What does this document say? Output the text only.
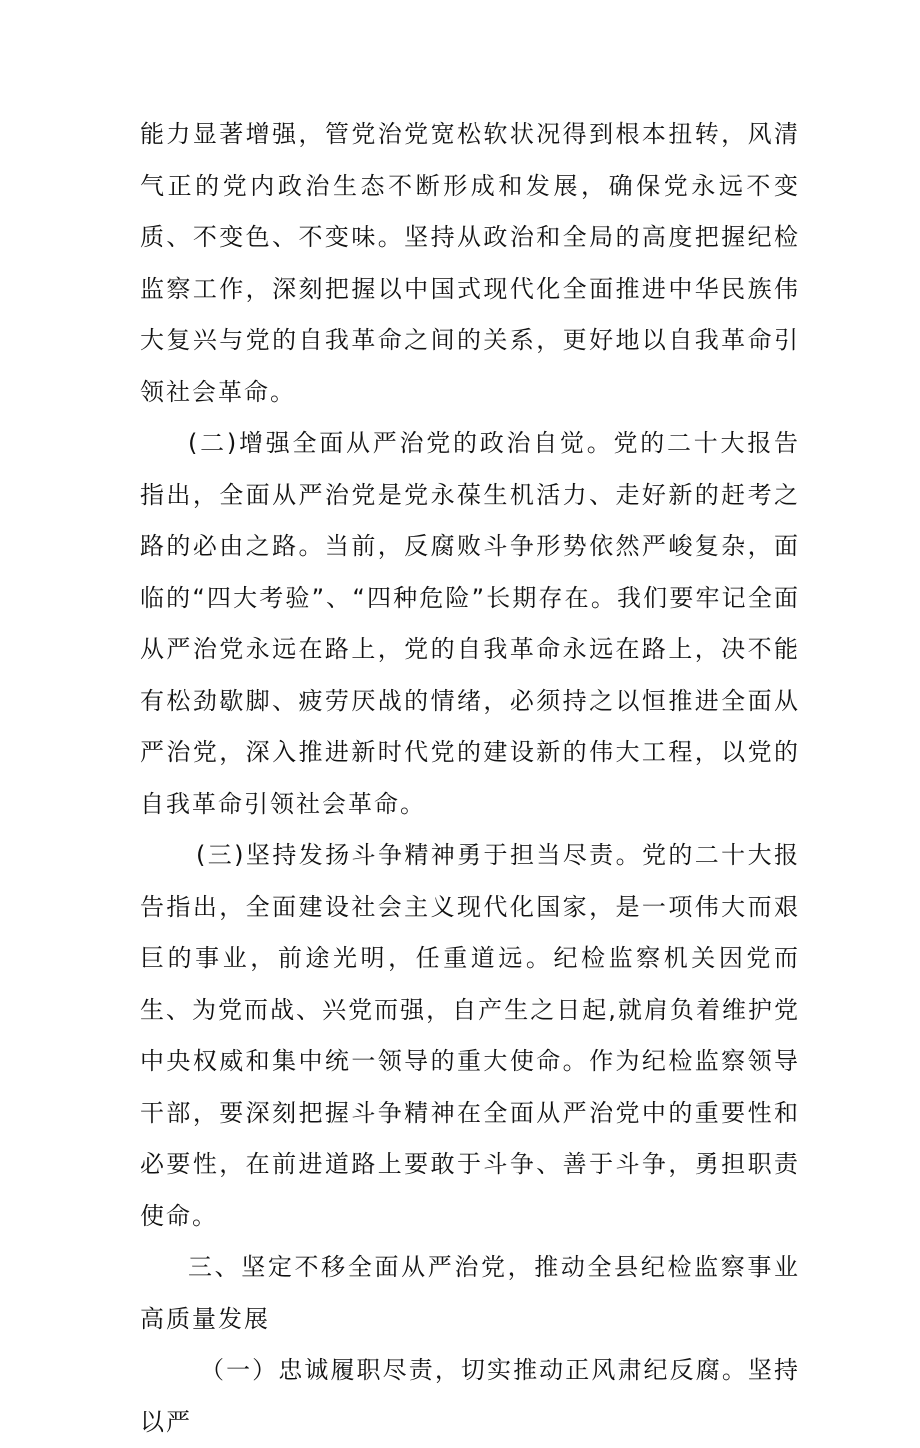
能力显著增强，管党治党宽松软状况得到根本扭转，风清气正的党内政治生态不断形成和发展，确保党永远不变质、不变色、不变味。坚持从政治和全局的高度把握纪检监察工作，深刻把握以中国式现代化全面推进中华民族伟大复兴与党的自我革命之间的关系，更好地以自我革命引领社会革命。

(二)增强全面从严治党的政治自觉。党的二十大报告指出，全面从严治党是党永葆生机活力、走好新的赶考之路的必由之路。当前，反腐败斗争形势依然严峻复杂，面临的“四大考验”、“四种危险”长期存在。我们要牢记全面从严治党永远在路上，党的自我革命永远在路上，决不能有松劲歇脚、疲劳厌战的情绪，必须持之以恒推进全面从严治党，深入推进新时代党的建设新的伟大工程，以党的自我革命引领社会革命。

(三)坚持发扬斗争精神勇于担当尽责。党的二十大报告指出，全面建设社会主义现代化国家，是一项伟大而艰巨的事业，前途光明，任重道远。纪检监察机关因党而生、为党而战、兴党而强，自产生之日起,就肩负着维护党中央权威和集中统一领导的重大使命。作为纪检监察领导干部，要深刻把握斗争精神在全面从严治党中的重要性和必要性，在前进道路上要敢于斗争、善于斗争，勇担职责使命。

三、坚定不移全面从严治党，推动全县纪检监察事业高质量发展

（一）忠诚履职尽责，切实推动正风肃纪反腐。坚持以严
